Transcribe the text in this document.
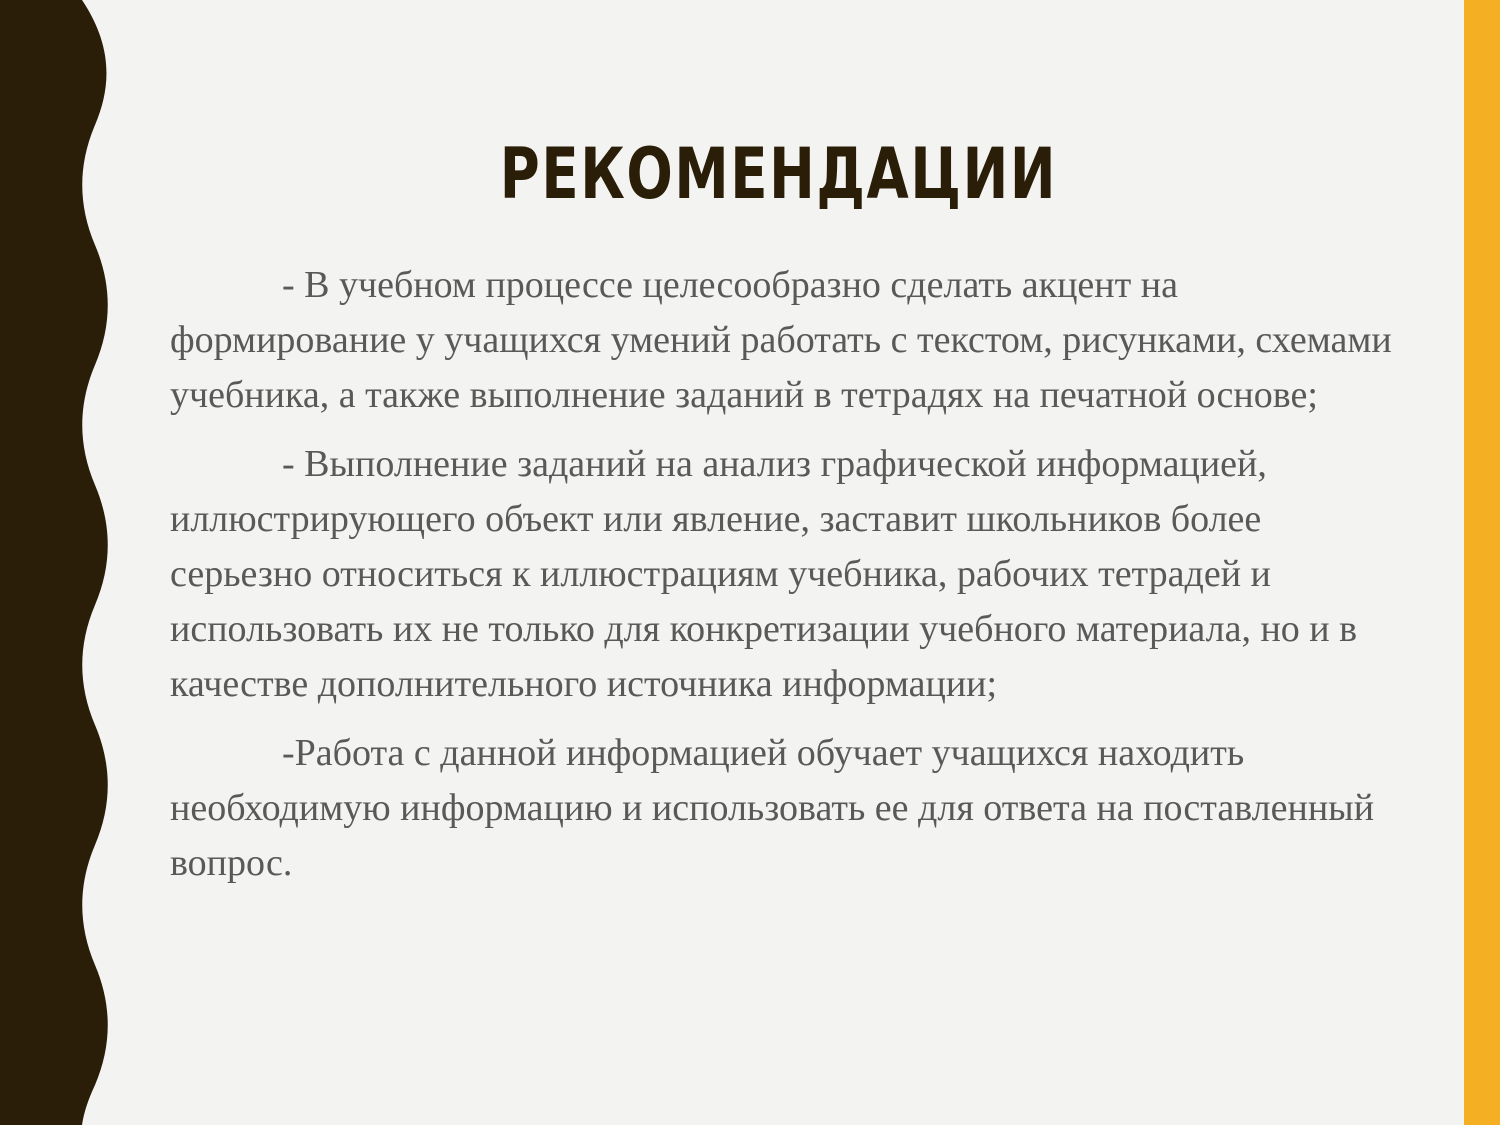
РЕКОМЕНДАЦИИ

- В учебном процессе целесообразно сделать акцент на формирование у учащихся умений работать с текстом, рисунками, схемами учебника, а также выполнение заданий в тетрадях на печатной основе;

- Выполнение заданий на анализ графической информацией, иллюстрирующего объект или явление, заставит школьников более серьезно относиться к иллюстрациям учебника, рабочих тетрадей и использовать их не только для конкретизации учебного материала, но и в качестве дополнительного источника информации;

-Работа с данной информацией обучает учащихся находить необходимую информацию и использовать ее для ответа на поставленный вопрос.
